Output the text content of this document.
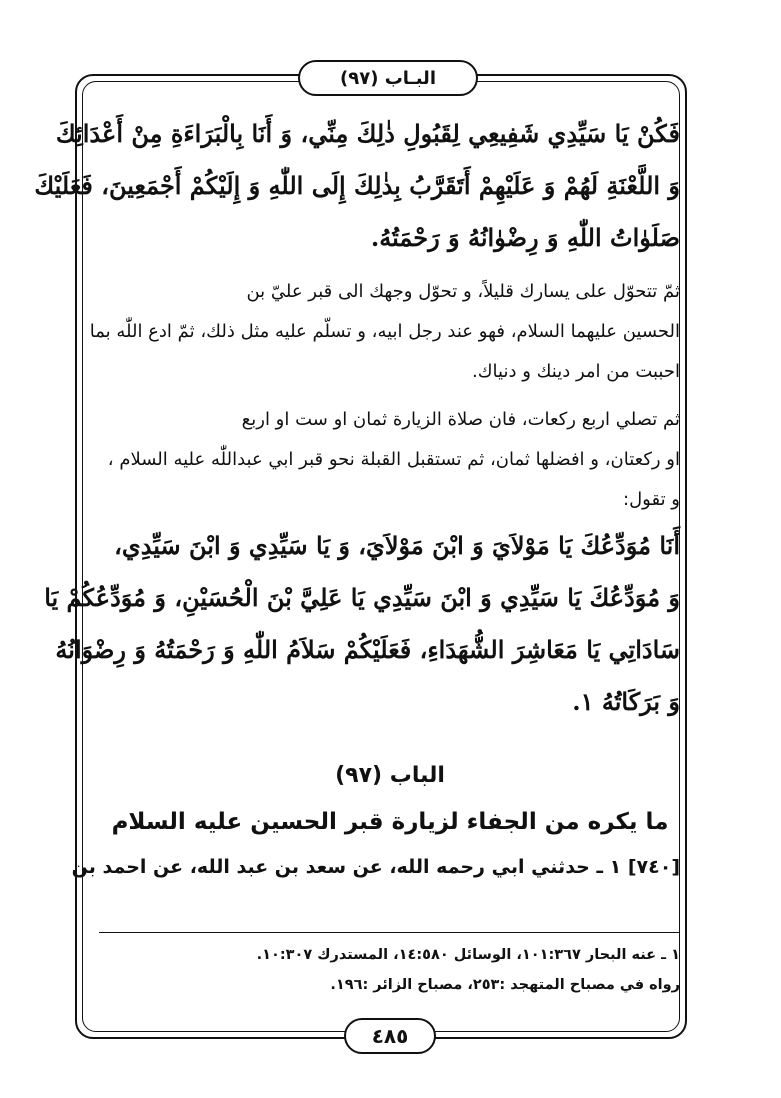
البـاب (٩٧)
فَكُنْ يَا سَيِّدِي شَفِيعِي لِقَبُولِ ذٰلِكَ مِنِّي، وَ أَنَا بِالْبَرَاءَةِ مِنْ أَعْدَائِكَ
وَ اللَّعْنَةِ لَهُمْ وَ عَلَيْهِمْ أَتَقَرَّبُ بِذٰلِكَ إِلَى اللّٰهِ وَ إِلَيْكُمْ أَجْمَعِينَ، فَعَلَيْكَ
صَلَوٰاتُ اللّٰهِ وَ رِضْوٰانُهُ وَ رَحْمَتُهُ.
ثمّ تتحوّل على يسارك قليلاً، و تحوّل وجهك الى قبر عليّ بن
الحسين عليهما السلام، فهو عند رجل ابيه، و تسلّم عليه مثل ذلك، ثمّ ادع اللّٰه بما
احببت من امر دينك و دنياك.
ثم تصلي اربع ركعات، فان صلاة الزيارة ثمان او ست او اربع
او ركعتان، و افضلها ثمان، ثم تستقبل القبلة نحو قبر ابي عبداللّٰه عليه السلام ،
و تقول:
أَنَا مُوَدِّعُكَ يَا مَوْلاَيَ وَ ابْنَ مَوْلاَيَ، وَ يَا سَيِّدِي وَ ابْنَ سَيِّدِي،
وَ مُوَدِّعُكَ يَا سَيِّدِي وَ ابْنَ سَيِّدِي يَا عَلِيَّ بْنَ الْحُسَيْنِ، وَ مُوَدِّعُكُمْ يَا
سَادَاتِي يَا مَعَاشِرَ الشُّهَدَاءِ، فَعَلَيْكُمْ سَلاَمُ اللّٰهِ وَ رَحْمَتُهُ وَ رِضْوَانُهُ
وَ بَرَكَاتُهُ ١.
الباب (٩٧)
ما يكره من الجفاء لزيارة قبر الحسين عليه السلام
[٧٤٠] ١ ـ حدثني ابي رحمه الله، عن سعد بن عبد الله، عن احمد بن
١ ـ عنه البحار ١٠١:٣٦٧، الوسائل ١٤:٥٨٠، المستدرك ١٠:٣٠٧.
رواه في مصباح المتهجد :٢٥٣، مصباح الزائر :١٩٦.
٤٨٥
